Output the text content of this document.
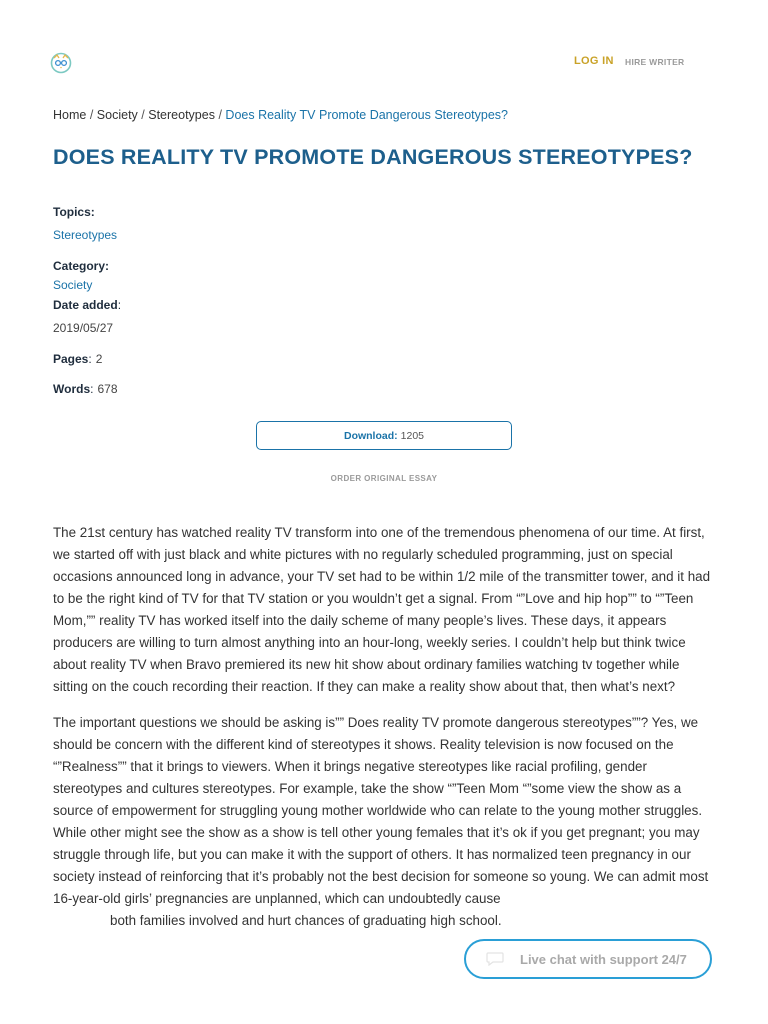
LOG IN HIRE WRITER
Home / Society / Stereotypes / Does Reality TV Promote Dangerous Stereotypes?
DOES REALITY TV PROMOTE DANGEROUS STEREOTYPES?
Topics:
Stereotypes
Category:
Society
Date added:
2019/05/27
Pages: 2
Words: 678
Download: 1205
ORDER ORIGINAL ESSAY

The 21st century has watched reality TV transform into one of the tremendous phenomena of our time. At first, we started off with just black and white pictures with no regularly scheduled programming, just on special occasions announced long in advance, your TV set had to be within 1/2 mile of the transmitter tower, and it had to be the right kind of TV for that TV station or you wouldn’t get a signal. From “”Love and hip hop”” to “”Teen Mom,”” reality TV has worked itself into the daily scheme of many people’s lives. These days, it appears producers are willing to turn almost anything into an hour-long, weekly series. I couldn’t help but think twice about reality TV when Bravo premiered its new hit show about ordinary families watching tv together while sitting on the couch recording their reaction. If they can make a reality show about that, then what’s next?

The important questions we should be asking is”” Does reality TV promote dangerous stereotypes””? Yes, we should be concern with the different kind of stereotypes it shows. Reality television is now focused on the “”Realness”” that it brings to viewers. When it brings negative stereotypes like racial profiling, gender stereotypes and cultures stereotypes. For example, take the show “”Teen Mom “”some view the show as a source of empowerment for struggling young mother worldwide who can relate to the young mother struggles. While other might see the show as a show is tell other young females that it’s ok if you get pregnant; you may struggle through life, but you can make it with the support of others. It has normalized teen pregnancy in our society instead of reinforcing that it’s probably not the best decision for someone so young. We can admit most 16-year-old girls’ pregnancies are unplanned, which can undoubtedly cause
both families involved and hurt chances of graduating high school.

Live chat with support 24/7
